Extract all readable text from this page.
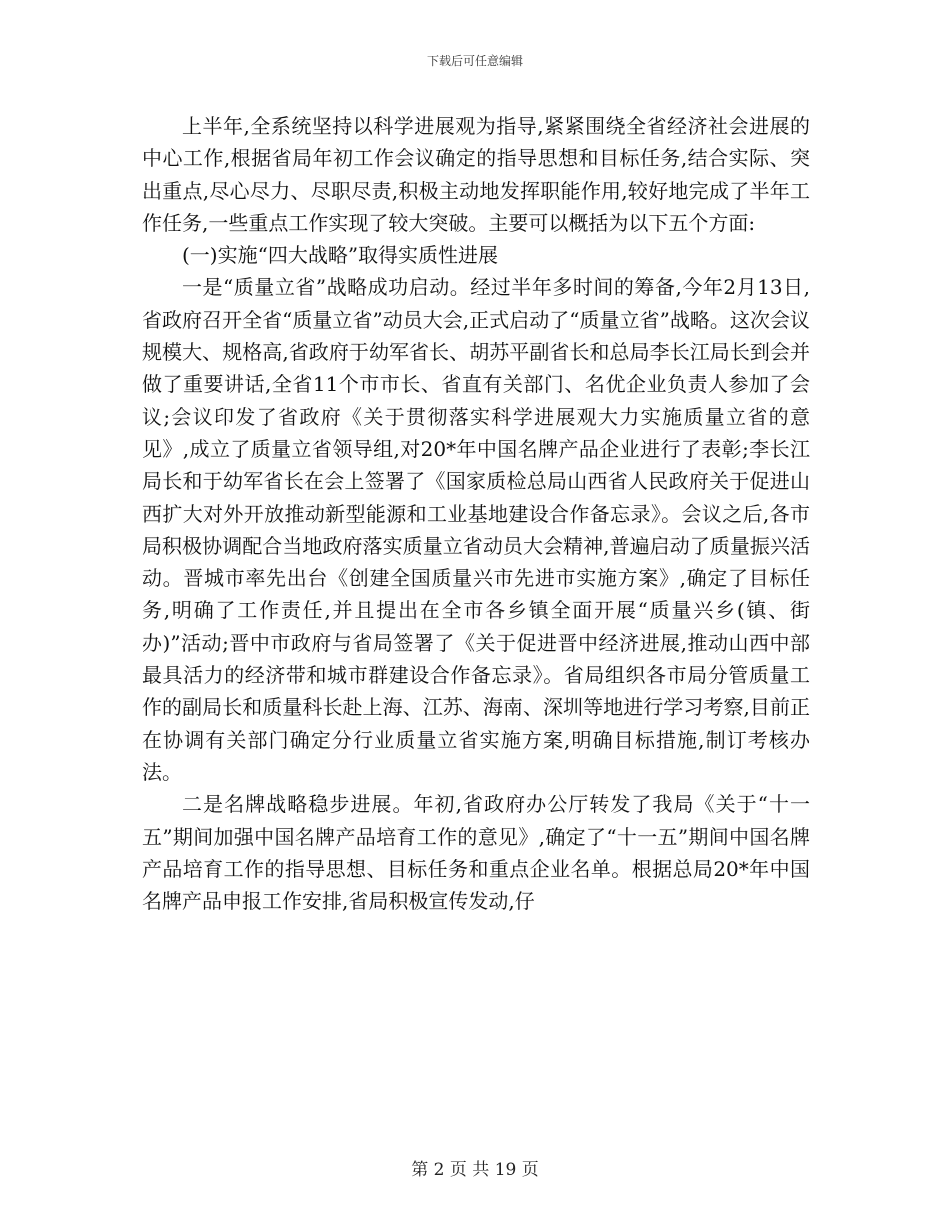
下载后可任意编辑

上半年,全系统坚持以科学进展观为指导,紧紧围绕全省经济社会进展的中心工作,根据省局年初工作会议确定的指导思想和目标任务,结合实际、突出重点,尽心尽力、尽职尽责,积极主动地发挥职能作用,较好地完成了半年工作任务,一些重点工作实现了较大突破。主要可以概括为以下五个方面:

(一)实施“四大战略”取得实质性进展

一是“质量立省”战略成功启动。经过半年多时间的筹备,今年2月13日,省政府召开全省“质量立省”动员大会,正式启动了“质量立省”战略。这次会议规模大、规格高,省政府于幼军省长、胡苏平副省长和总局李长江局长到会并做了重要讲话,全省11个市市长、省直有关部门、名优企业负责人参加了会议;会议印发了省政府《关于贯彻落实科学进展观大力实施质量立省的意见》,成立了质量立省领导组,对20*年中国名牌产品企业进行了表彰;李长江局长和于幼军省长在会上签署了《国家质检总局山西省人民政府关于促进山西扩大对外开放推动新型能源和工业基地建设合作备忘录》。会议之后,各市局积极协调配合当地政府落实质量立省动员大会精神,普遍启动了质量振兴活动。晋城市率先出台《创建全国质量兴市先进市实施方案》,确定了目标任务,明确了工作责任,并且提出在全市各乡镇全面开展“质量兴乡(镇、街办)”活动;晋中市政府与省局签署了《关于促进晋中经济进展,推动山西中部最具活力的经济带和城市群建设合作备忘录》。省局组织各市局分管质量工作的副局长和质量科长赴上海、江苏、海南、深圳等地进行学习考察,目前正在协调有关部门确定分行业质量立省实施方案,明确目标措施,制订考核办法。

二是名牌战略稳步进展。年初,省政府办公厅转发了我局《关于“十一五”期间加强中国名牌产品培育工作的意见》,确定了“十一五”期间中国名牌产品培育工作的指导思想、目标任务和重点企业名单。根据总局20*年中国名牌产品申报工作安排,省局积极宣传发动,仔

第 2 页 共 19 页
